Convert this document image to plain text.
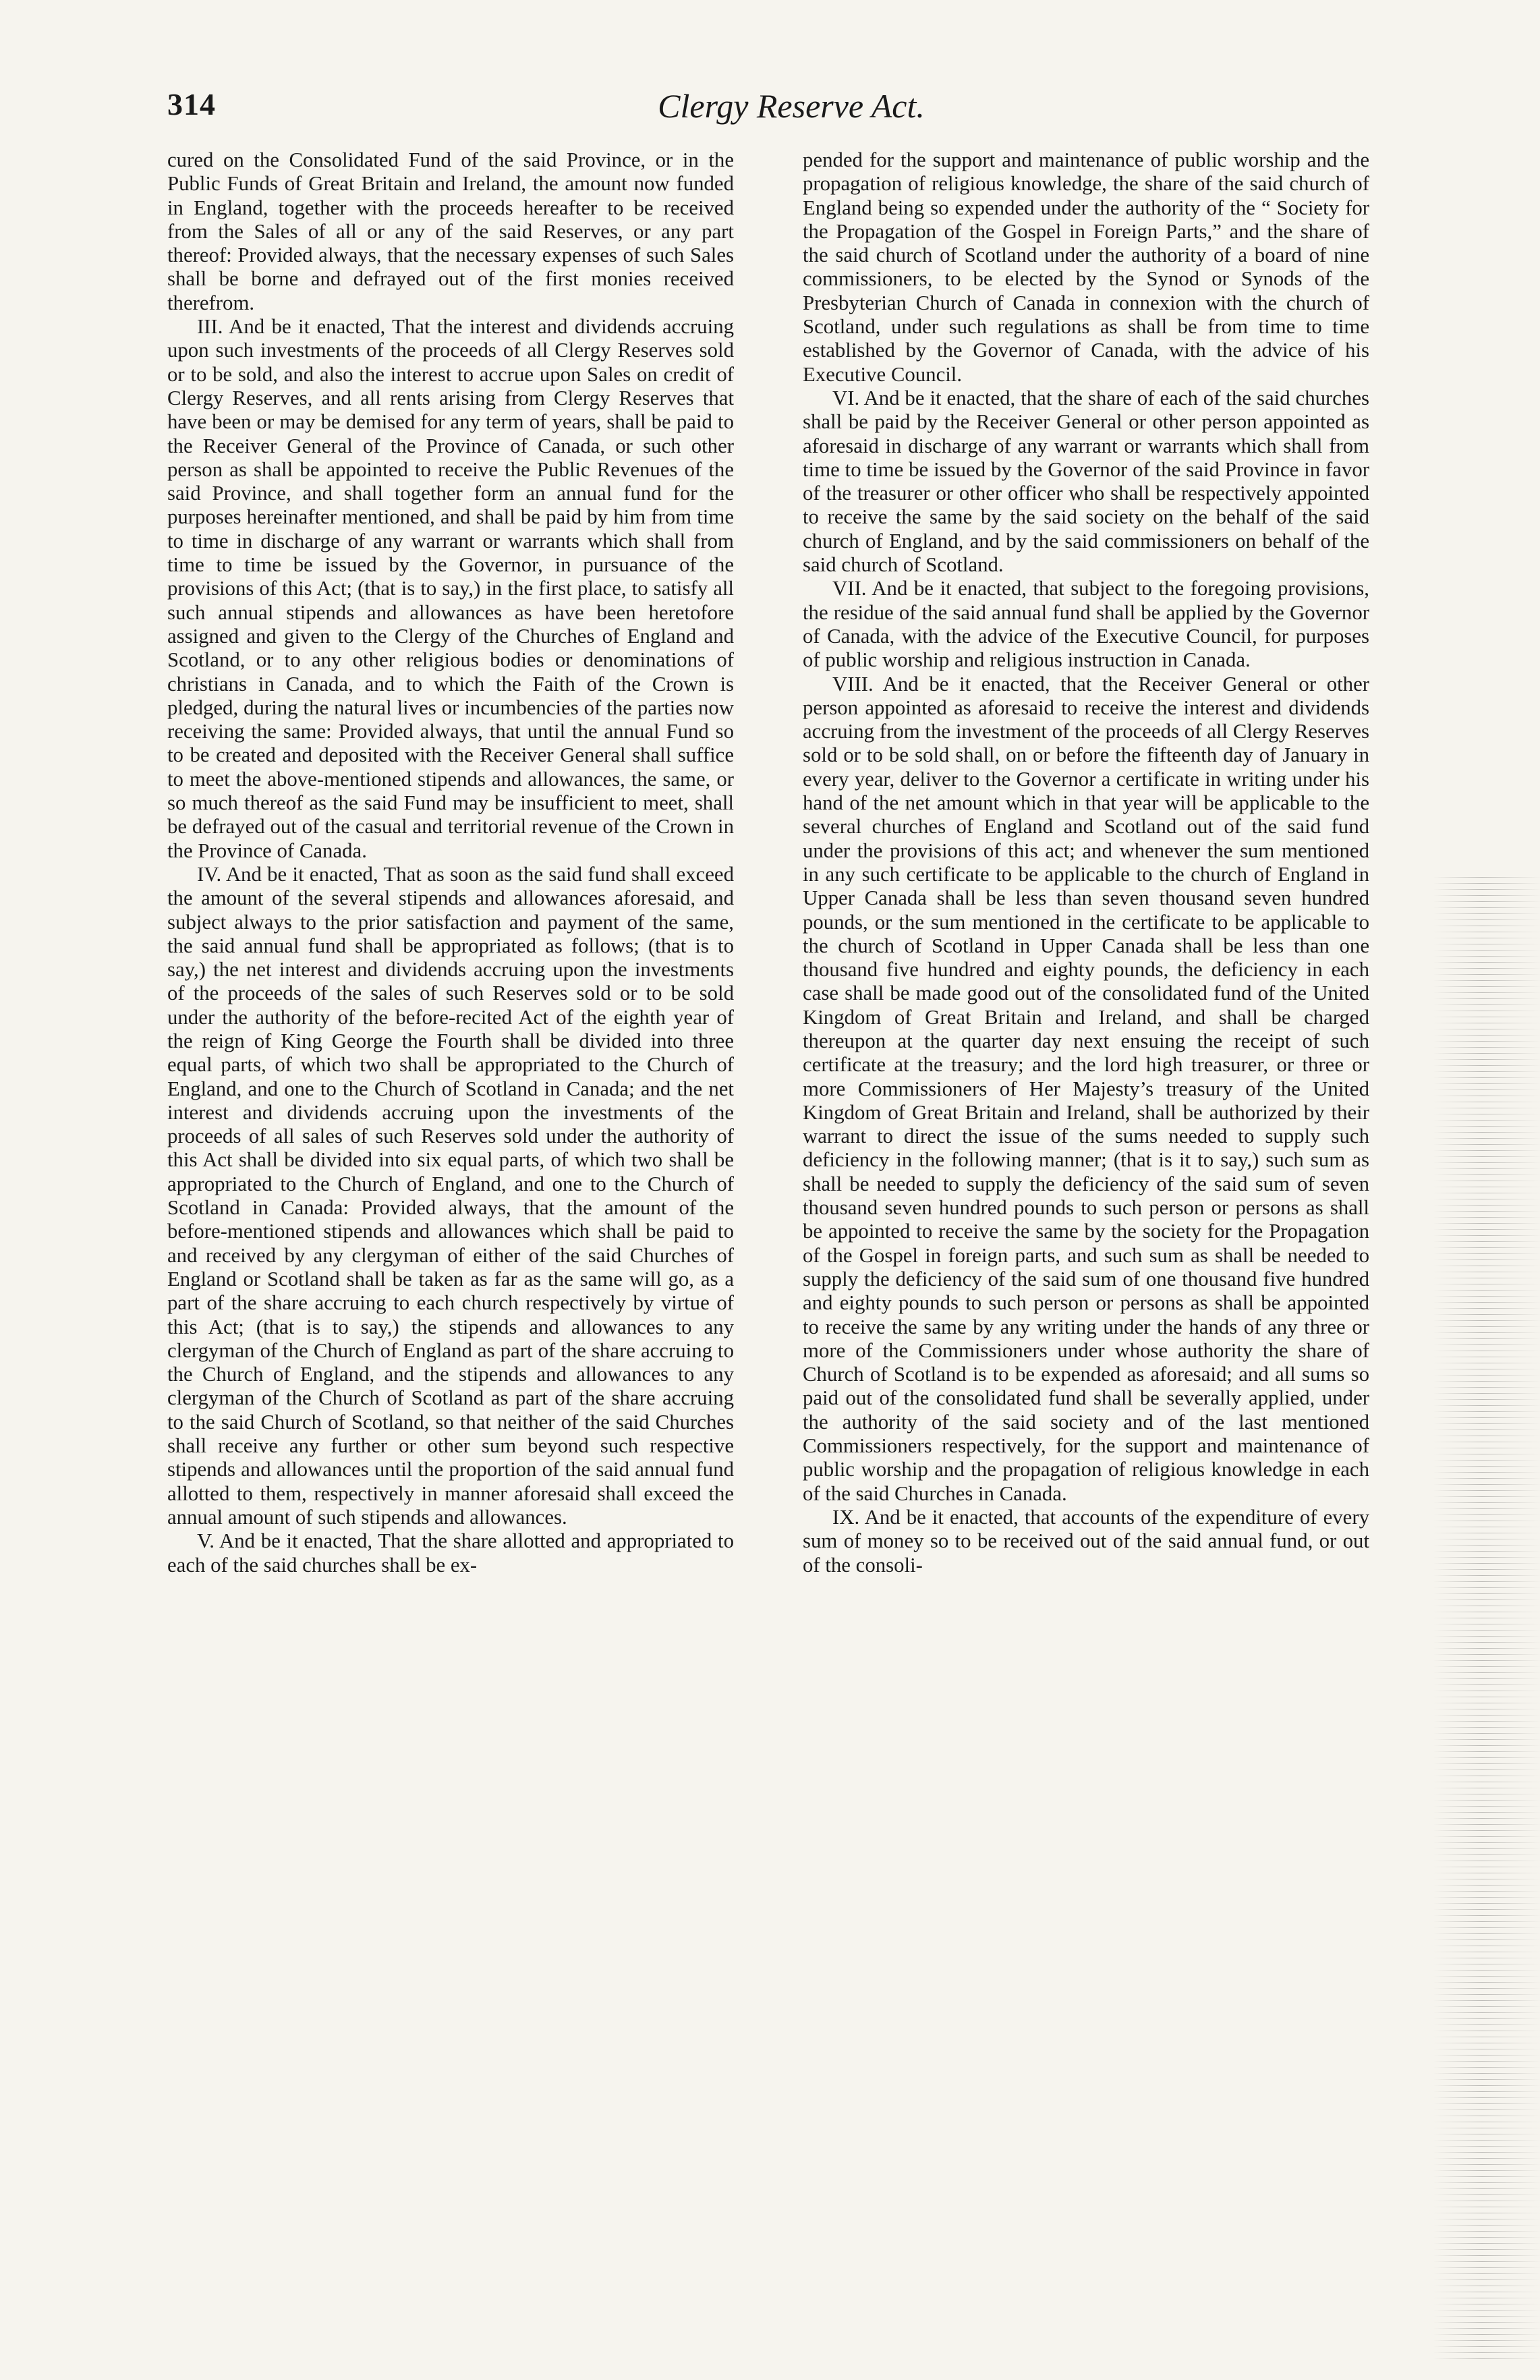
314	Clergy Reserve Act.

cured on the Consolidated Fund of the said Province, or in the Public Funds of Great Britain and Ireland, the amount now funded in England, together with the proceeds hereafter to be received from the Sales of all or any of the said Reserves, or any part thereof: Provided always, that the necessary expenses of such Sales shall be borne and defrayed out of the first monies received therefrom.

III. And be it enacted, That the interest and dividends accruing upon such investments of the proceeds of all Clergy Reserves sold or to be sold, and also the interest to accrue upon Sales on credit of Clergy Reserves, and all rents arising from Clergy Reserves that have been or may be demised for any term of years, shall be paid to the Receiver General of the Province of Canada, or such other person as shall be appointed to receive the Public Revenues of the said Province, and shall together form an annual fund for the purposes hereinafter mentioned, and shall be paid by him from time to time in discharge of any warrant or warrants which shall from time to time be issued by the Governor, in pursuance of the provisions of this Act; (that is to say,) in the first place, to satisfy all such annual stipends and allowances as have been heretofore assigned and given to the Clergy of the Churches of England and Scotland, or to any other religious bodies or denominations of christians in Canada, and to which the Faith of the Crown is pledged, during the natural lives or incumbencies of the parties now receiving the same: Provided always, that until the annual Fund so to be created and deposited with the Receiver General shall suffice to meet the above-mentioned stipends and allowances, the same, or so much thereof as the said Fund may be insufficient to meet, shall be defrayed out of the casual and territorial revenue of the Crown in the Province of Canada.

IV. And be it enacted, That as soon as the said fund shall exceed the amount of the several stipends and allowances aforesaid, and subject always to the prior satisfaction and payment of the same, the said annual fund shall be appropriated as follows; (that is to say,) the net interest and dividends accruing upon the investments of the proceeds of the sales of such Reserves sold or to be sold under the authority of the before-recited Act of the eighth year of the reign of King George the Fourth shall be divided into three equal parts, of which two shall be appropriated to the Church of England, and one to the Church of Scotland in Canada; and the net interest and dividends accruing upon the investments of the proceeds of all sales of such Reserves sold under the authority of this Act shall be divided into six equal parts, of which two shall be appropriated to the Church of England, and one to the Church of Scotland in Canada: Provided always, that the amount of the before-mentioned stipends and allowances which shall be paid to and received by any clergyman of either of the said Churches of England or Scotland shall be taken as far as the same will go, as a part of the share accruing to each church respectively by virtue of this Act; (that is to say,) the stipends and allowances to any clergyman of the Church of England as part of the share accruing to the Church of England, and the stipends and allowances to any clergyman of the Church of Scotland as part of the share accruing to the said Church of Scotland, so that neither of the said Churches shall receive any further or other sum beyond such respective stipends and allowances until the proportion of the said annual fund allotted to them, respectively in manner aforesaid shall exceed the annual amount of such stipends and allowances.

V. And be it enacted, That the share allotted and appropriated to each of the said churches shall be ex-

pended for the support and maintenance of public worship and the propagation of religious knowledge, the share of the said church of England being so expended under the authority of the “ Society for the Propagation of the Gospel in Foreign Parts,” and the share of the said church of Scotland under the authority of a board of nine commissioners, to be elected by the Synod or Synods of the Presbyterian Church of Canada in connexion with the church of Scotland, under such regulations as shall be from time to time established by the Governor of Canada, with the advice of his Executive Council.

VI. And be it enacted, that the share of each of the said churches shall be paid by the Receiver General or other person appointed as aforesaid in discharge of any warrant or warrants which shall from time to time be issued by the Governor of the said Province in favor of the treasurer or other officer who shall be respectively appointed to receive the same by the said society on the behalf of the said church of England, and by the said commissioners on behalf of the said church of Scotland.

VII. And be it enacted, that subject to the foregoing provisions, the residue of the said annual fund shall be applied by the Governor of Canada, with the advice of the Executive Council, for purposes of public worship and religious instruction in Canada.

VIII. And be it enacted, that the Receiver General or other person appointed as aforesaid to receive the interest and dividends accruing from the investment of the proceeds of all Clergy Reserves sold or to be sold shall, on or before the fifteenth day of January in every year, deliver to the Governor a certificate in writing under his hand of the net amount which in that year will be applicable to the several churches of England and Scotland out of the said fund under the provisions of this act; and whenever the sum mentioned in any such certificate to be applicable to the church of England in Upper Canada shall be less than seven thousand seven hundred pounds, or the sum mentioned in the certificate to be applicable to the church of Scotland in Upper Canada shall be less than one thousand five hundred and eighty pounds, the deficiency in each case shall be made good out of the consolidated fund of the United Kingdom of Great Britain and Ireland, and shall be charged thereupon at the quarter day next ensuing the receipt of such certificate at the treasury; and the lord high treasurer, or three or more Commissioners of Her Majesty’s treasury of the United Kingdom of Great Britain and Ireland, shall be authorized by their warrant to direct the issue of the sums needed to supply such deficiency in the following manner; (that is it to say,) such sum as shall be needed to supply the deficiency of the said sum of seven thousand seven hundred pounds to such person or persons as shall be appointed to receive the same by the society for the Propagation of the Gospel in foreign parts, and such sum as shall be needed to supply the deficiency of the said sum of one thousand five hundred and eighty pounds to such person or persons as shall be appointed to receive the same by any writing under the hands of any three or more of the Commissioners under whose authority the share of Church of Scotland is to be expended as aforesaid; and all sums so paid out of the consolidated fund shall be severally applied, under the authority of the said society and of the last mentioned Commissioners respectively, for the support and maintenance of public worship and the propagation of religious knowledge in each of the said Churches in Canada.

IX. And be it enacted, that accounts of the expenditure of every sum of money so to be received out of the said annual fund, or out of the consoli-
